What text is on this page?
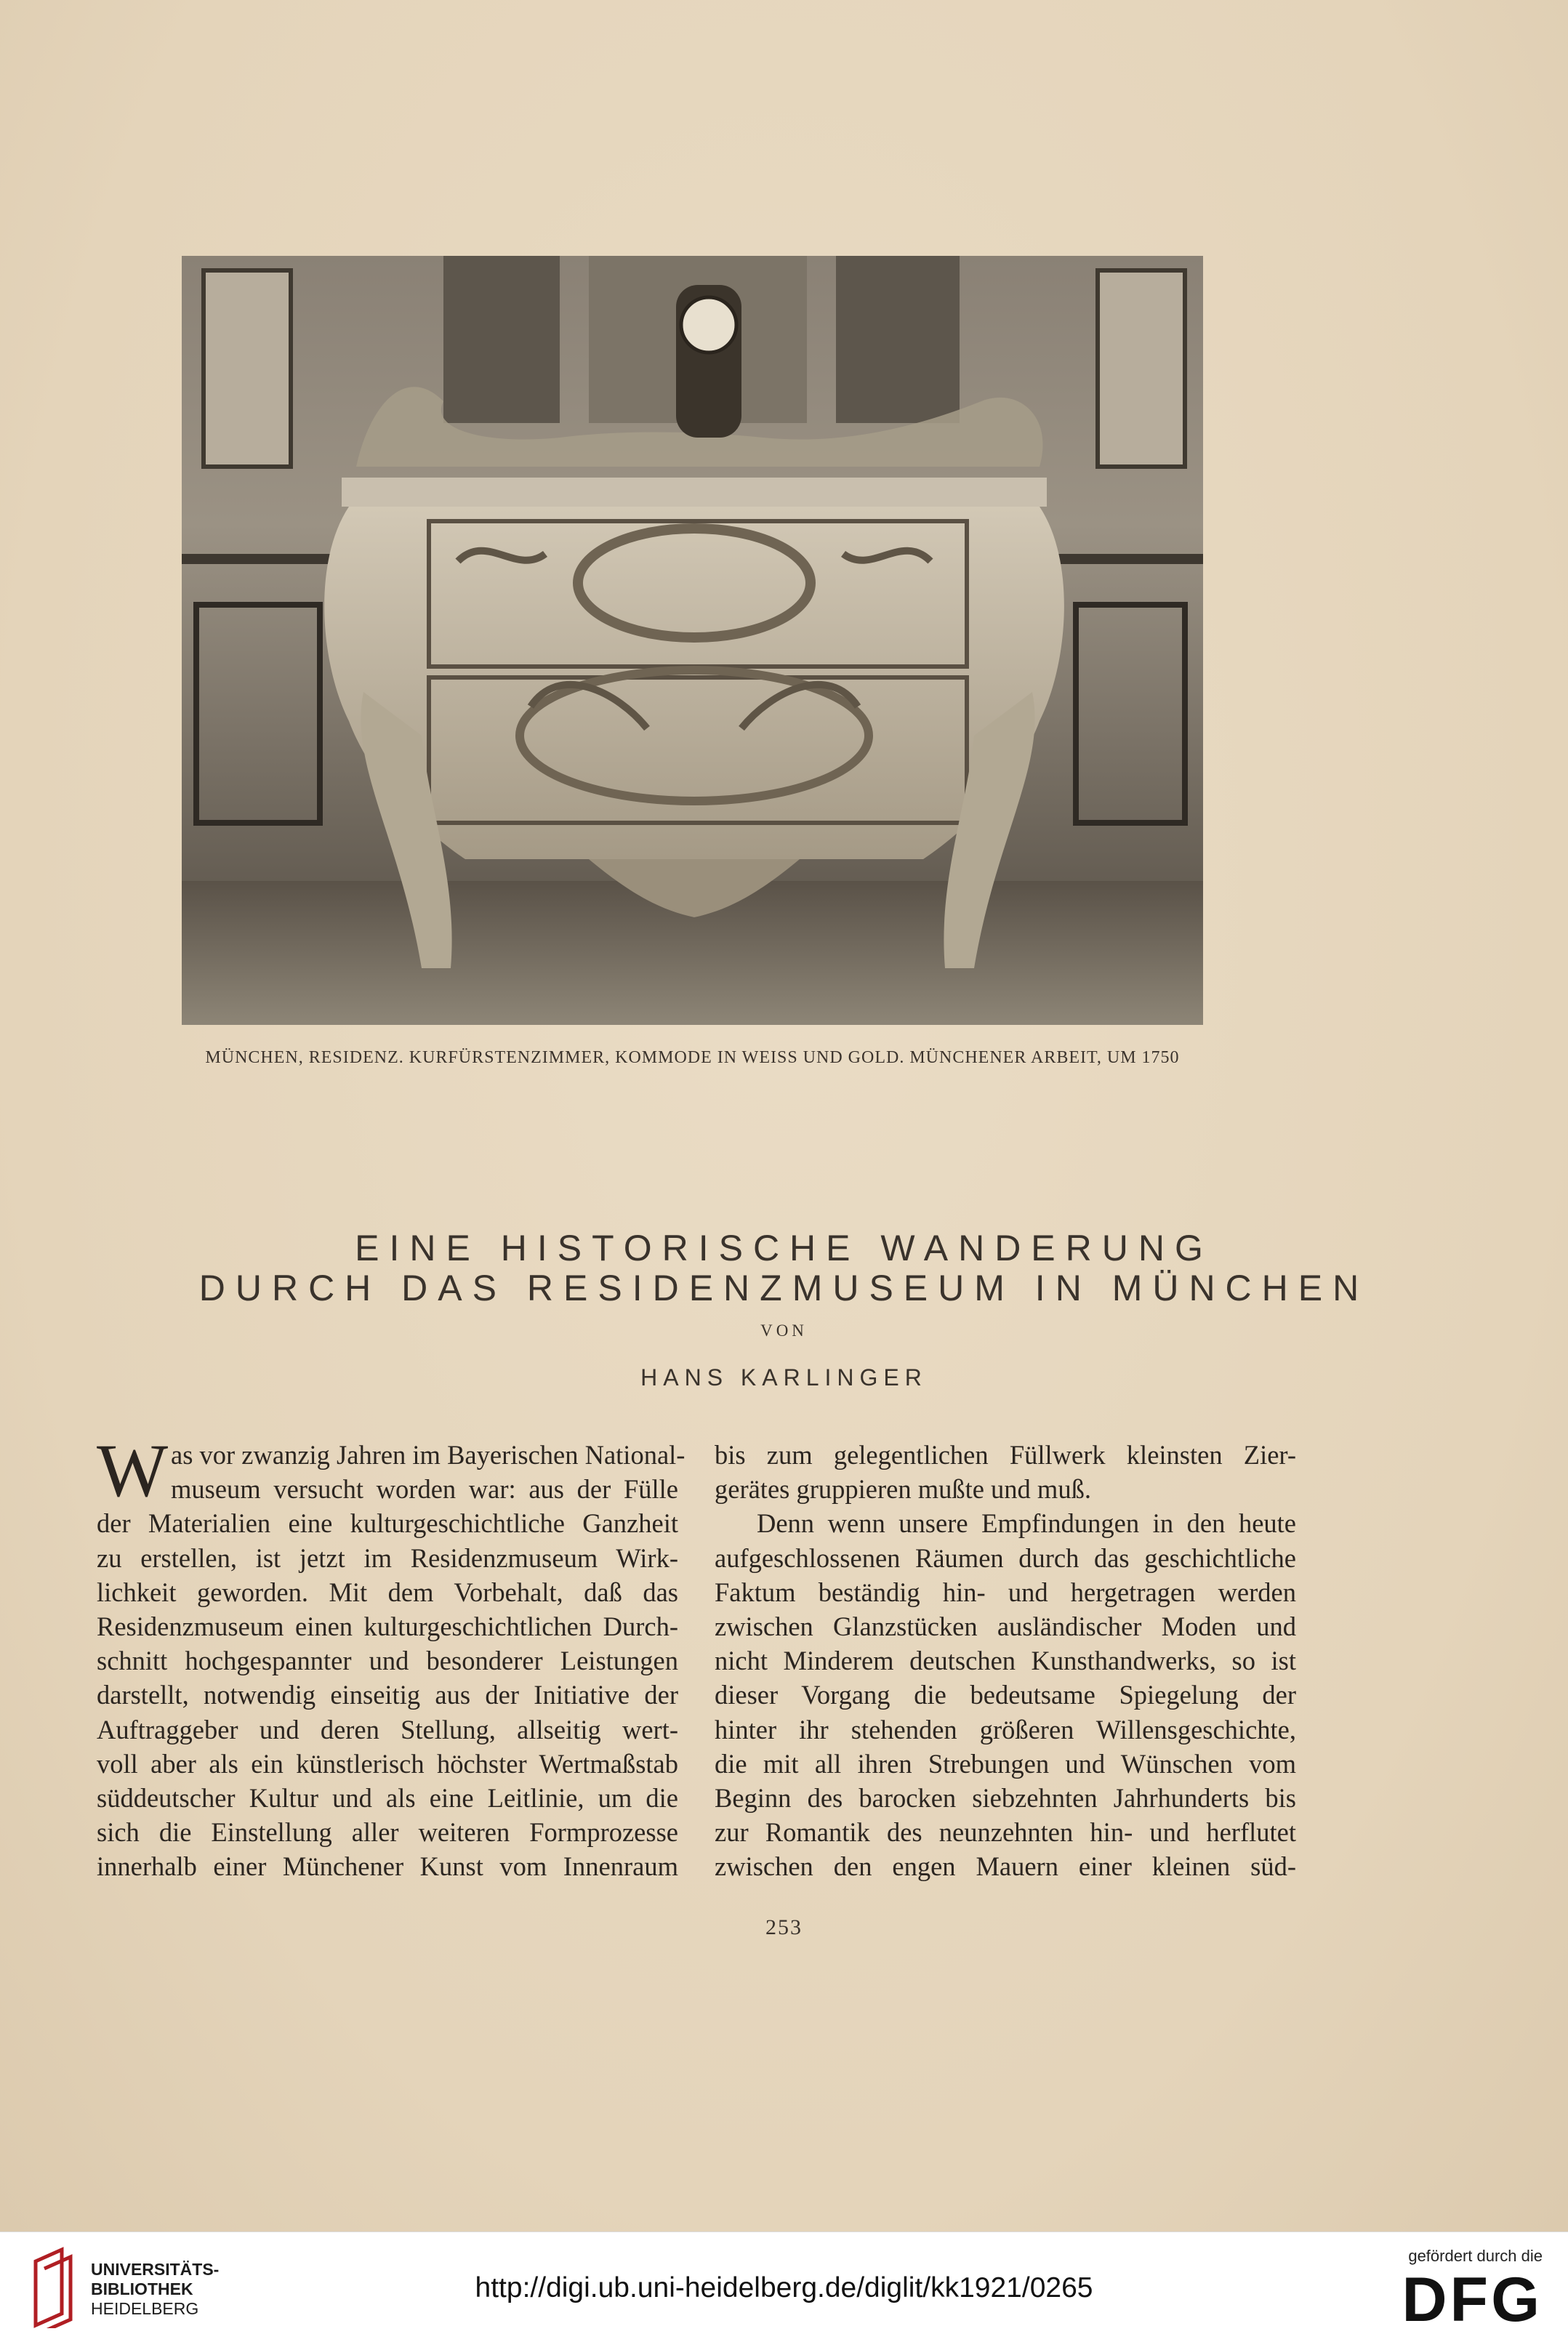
MÜNCHEN, RESIDENZ. KURFÜRSTENZIMMER, KOMMODE IN WEISS UND GOLD. MÜNCHENER ARBEIT, UM 1750
EINE HISTORISCHE WANDERUNG
DURCH DAS RESIDENZMUSEUM IN MÜNCHEN
VON
HANS KARLINGER
W as vor zwanzig Jahren im Bayerischen National-
museum versucht worden war: aus der Fülle
der Materialien eine kulturgeschichtliche Ganzheit
zu erstellen, ist jetzt im Residenzmuseum Wirk-
lichkeit geworden. Mit dem Vorbehalt, daß das
Residenzmuseum einen kulturgeschichtlichen Durch-
schnitt hochgespannter und besonderer Leistungen
darstellt, notwendig einseitig aus der Initiative der
Auftraggeber und deren Stellung, allseitig wert-
voll aber als ein künstlerisch höchster Wertmaßstab
süddeutscher Kultur und als eine Leitlinie, um die
sich die Einstellung aller weiteren Formprozesse
innerhalb einer Münchener Kunst vom Innenraum
bis zum gelegentlichen Füllwerk kleinsten Zier-
gerätes gruppieren mußte und muß.
Denn wenn unsere Empfindungen in den heute
aufgeschlossenen Räumen durch das geschichtliche
Faktum beständig hin- und hergetragen werden
zwischen Glanzstücken ausländischer Moden und
nicht Minderem deutschen Kunsthandwerks, so ist
dieser Vorgang die bedeutsame Spiegelung der
hinter ihr stehenden größeren Willensgeschichte,
die mit all ihren Strebungen und Wünschen vom
Beginn des barocken siebzehnten Jahrhunderts bis
zur Romantik des neunzehnten hin- und herflutet
zwischen den engen Mauern einer kleinen süd-
253
UNIVERSITÄTS-
BIBLIOTHEK
HEIDELBERG
http://digi.ub.uni-heidelberg.de/diglit/kk1921/0265
gefördert durch die
DFG
